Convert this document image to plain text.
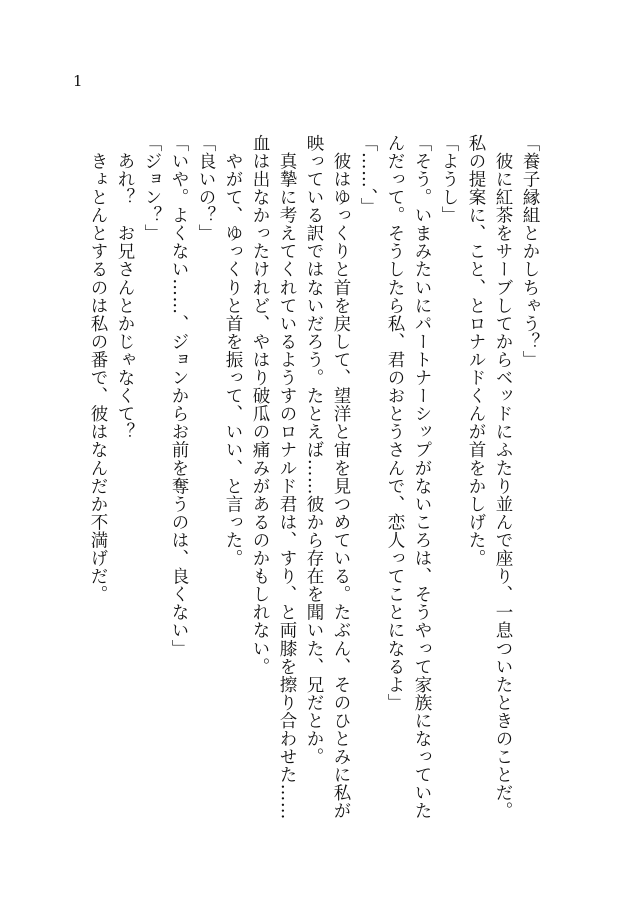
1

「養子縁組とかしちゃう？」

　彼に紅茶をサーブしてからベッドにふたり並んで座り、一息ついたときのことだ。

私の提案に、こと、とロナルドくんが首をかしげた。

「ようし」

「そう。いまみたいにパートナーシップがないころは、そうやって家族になっていた

んだって。そうしたら私、君のおとうさんで、恋人ってことになるよ」

「……、」

　彼はゆっくりと首を戻して、望洋と宙を見つめている。たぶん、そのひとみに私が

映っている訳ではないだろう。たとえば……彼から存在を聞いた、兄だとか。

　真摯に考えてくれているようすのロナルド君は、すり、と両膝を擦り合わせた……

血は出なかったけれど、やはり破瓜の痛みがあるのかもしれない。

　やがて、ゆっくりと首を振って、いい、と言った。

「良いの？」

「いや。よくない……、ジョンからお前を奪うのは、良くない」

「ジョン？」

　あれ？　お兄さんとかじゃなくて？

　きょとんとするのは私の番で、彼はなんだか不満げだ。
